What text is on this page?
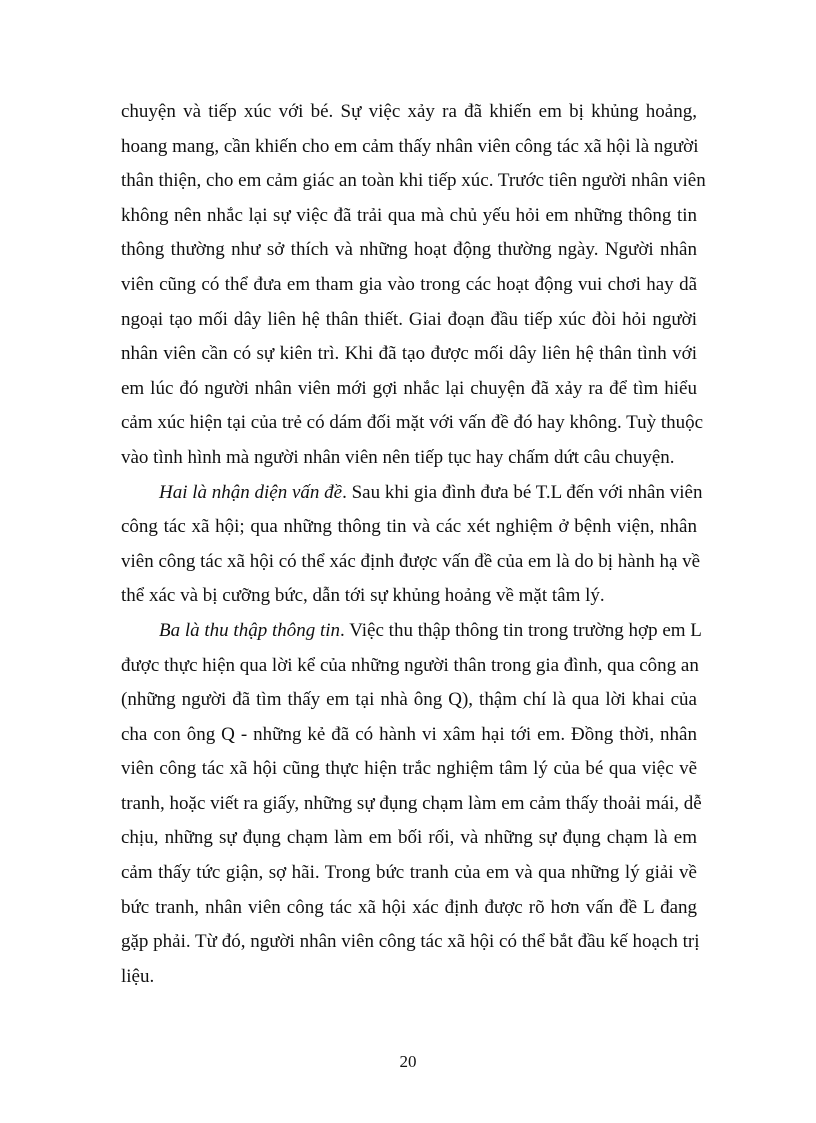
chuyện và tiếp xúc với bé. Sự việc xảy ra đã khiến em bị khủng hoảng,
hoang mang, cần khiến cho em cảm thấy nhân viên công tác xã hội là người
thân thiện, cho em cảm giác an toàn khi tiếp xúc. Trước tiên người nhân viên
không nên nhắc lại sự việc đã trải qua mà chủ yếu hỏi em những thông tin
thông thường như sở thích và những hoạt động thường ngày. Người nhân
viên cũng có thể đưa em tham gia vào trong các hoạt động vui chơi hay dã
ngoại tạo mối dây liên hệ thân thiết. Giai đoạn đầu tiếp xúc đòi hỏi người
nhân viên cần có sự kiên trì. Khi đã tạo được mối dây liên hệ thân tình với
em lúc đó người nhân viên mới gợi nhắc lại chuyện đã xảy ra để tìm hiểu
cảm xúc hiện tại của trẻ có dám đối mặt với vấn đề đó hay không. Tuỳ thuộc
vào tình hình mà người nhân viên nên tiếp tục hay chấm dứt câu chuyện.

Hai là nhận diện vấn đề. Sau khi gia đình đưa bé T.L đến với nhân viên
công tác xã hội; qua những thông tin và các xét nghiệm ở bệnh viện, nhân
viên công tác xã hội có thể xác định được vấn đề của em là do bị hành hạ về
thể xác và bị cưỡng bức, dẫn tới sự khủng hoảng về mặt tâm lý.

Ba là thu thập thông tin. Việc thu thập thông tin trong trường hợp em L
được thực hiện qua lời kể của những người thân trong gia đình, qua công an
(những người đã tìm thấy em tại nhà ông Q), thậm chí là qua lời khai của
cha con ông Q - những kẻ đã có hành vi xâm hại tới em. Đồng thời, nhân
viên công tác xã hội cũng thực hiện trắc nghiệm tâm lý của bé qua việc vẽ
tranh, hoặc viết ra giấy, những sự đụng chạm làm em cảm thấy thoải mái, dễ
chịu, những sự đụng chạm làm em bối rối, và những sự đụng chạm là em
cảm thấy tức giận, sợ hãi. Trong bức tranh của em và qua những lý giải về
bức tranh, nhân viên công tác xã hội xác định được rõ hơn vấn đề L đang
gặp phải. Từ đó, người nhân viên công tác xã hội có thể bắt đầu kế hoạch trị
liệu.

20
